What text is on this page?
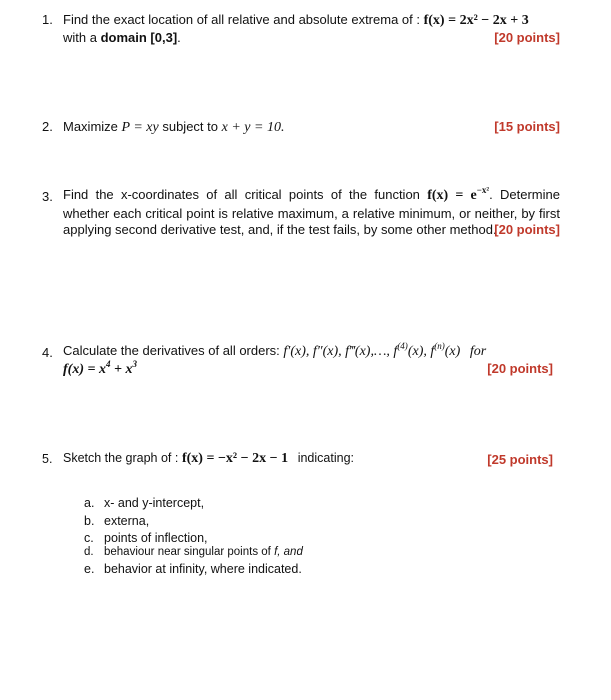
1. Find the exact location of all relative and absolute extrema of : f(x) = 2x² − 2x + 3
with a domain [0,3].	[20 points]
2. Maximize P = xy subject to x + y = 10.	[15 points]
3. Find the x-coordinates of all critical points of the function $f(x) = e^{-x^2}$. Determine
whether each critical point is relative maximum, a relative minimum, or neither, by first
applying second derivative test, and, if the test fails, by some other method.
[20 points]
4. Calculate the derivatives of all orders: f′(x), f″(x), f‴(x),…, $f^{(4)}(x)$, $f^{(n)}(x)$ for
$f(x) = x^4 + x^3$	[20 points]
5. Sketch the graph of : f(x) = −x² − 2x − 1 indicating:	[25 points]
a. x- and y-intercept,
b. externa,
c. points of inflection,
d. behaviour near singular points of f, and
e. behavior at infinity, where indicated.
